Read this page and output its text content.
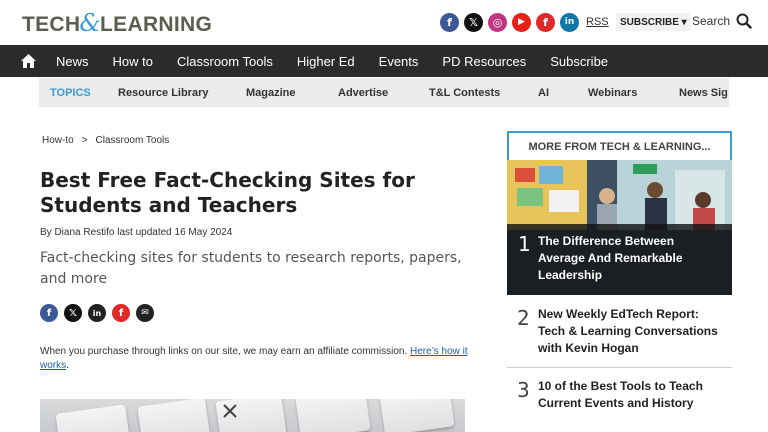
TECH&LEARNING	f	𝕏	◎	▶	f	in	RSS	SUBSCRIBE ▾ Search
News How to Classroom Tools Higher Ed Events PD Resources Subscribe
TOPICS	Resource Library	Magazine	Advertise	T&L Contests	AI	Webinars	News Sig
How-to > Classroom Tools
Best Free Fact-Checking Sites for Students and Teachers
By Diana Restifo last updated 16 May 2024

Fact-checking sites for students to research reports, papers, and more

f	𝕏	in	f	✉

When you purchase through links on our site, we may earn an affiliate commission. Here’s how it works.

MORE FROM TECH & LEARNING...
1 The Difference Between Average And Remarkable Leadership
2 New Weekly EdTech Report: Tech & Learning Conversations with Kevin Hogan
3 10 of the Best Tools to Teach Current Events and History
